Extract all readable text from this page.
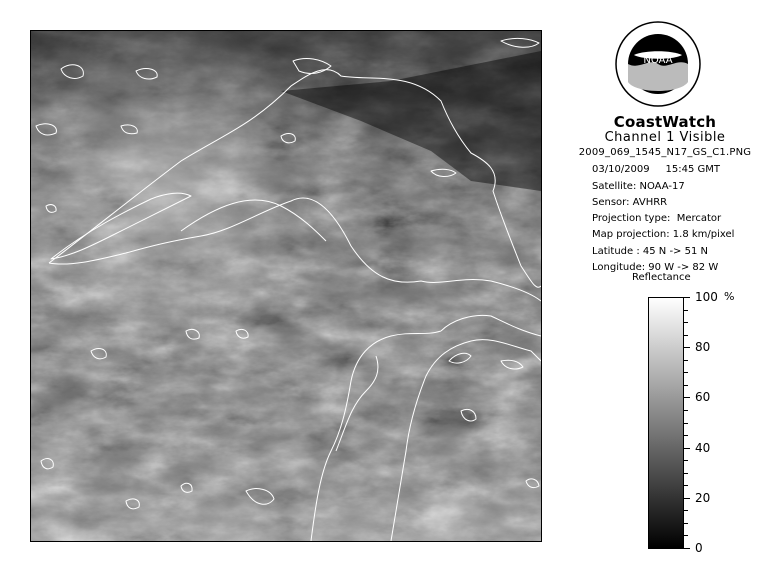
NOAA
CoastWatch
Channel 1 Visible
2009_069_1545_N17_GS_C1.PNG
03/10/2009 15:45 GMT
Satellite: NOAA-17
Sensor: AVHRR
Projection type:  Mercator
Map projection: 1.8 km/pixel
Latitude : 45 N -> 51 N
Longitude: 90 W -> 82 W
Reflectance
%
100
80
60
40
20
0
